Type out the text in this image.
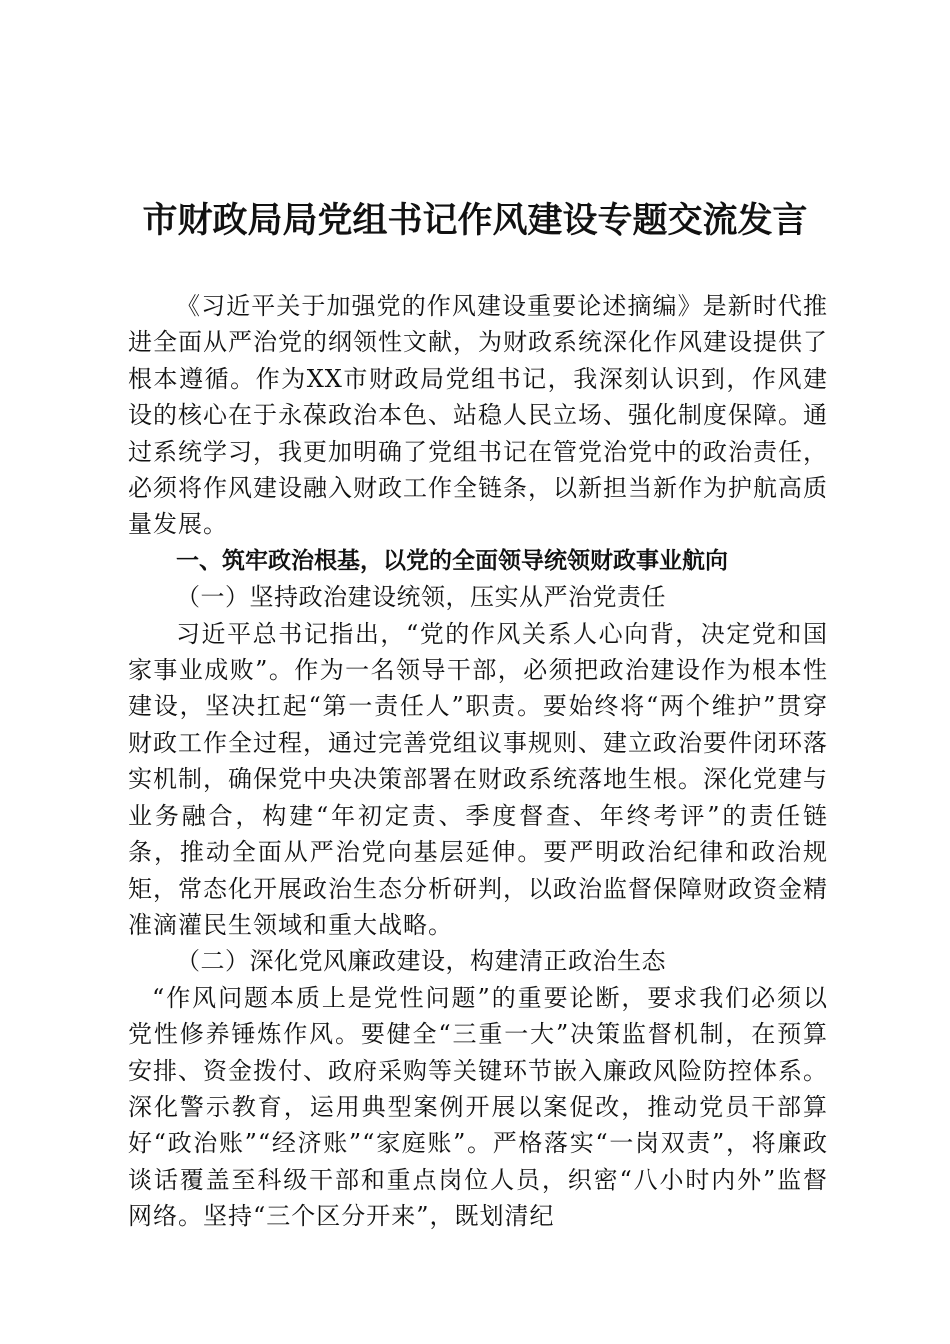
市财政局局党组书记作风建设专题交流发言

《习近平关于加强党的作风建设重要论述摘编》是新时代推进全面从严治党的纲领性文献，为财政系统深化作风建设提供了根本遵循。作为XX市财政局党组书记，我深刻认识到，作风建设的核心在于永葆政治本色、站稳人民立场、强化制度保障。通过系统学习，我更加明确了党组书记在管党治党中的政治责任，必须将作风建设融入财政工作全链条，以新担当新作为护航高质量发展。

一、筑牢政治根基，以党的全面领导统领财政事业航向

（一）坚持政治建设统领，压实从严治党责任

习近平总书记指出，“党的作风关系人心向背，决定党和国家事业成败”。作为一名领导干部，必须把政治建设作为根本性建设，坚决扛起“第一责任人”职责。要始终将“两个维护”贯穿财政工作全过程，通过完善党组议事规则、建立政治要件闭环落实机制，确保党中央决策部署在财政系统落地生根。深化党建与业务融合，构建“年初定责、季度督查、年终考评”的责任链条，推动全面从严治党向基层延伸。要严明政治纪律和政治规矩，常态化开展政治生态分析研判，以政治监督保障财政资金精准滴灌民生领域和重大战略。

（二）深化党风廉政建设，构建清正政治生态

“作风问题本质上是党性问题”的重要论断，要求我们必须以党性修养锤炼作风。要健全“三重一大”决策监督机制，在预算安排、资金拨付、政府采购等关键环节嵌入廉政风险防控体系。深化警示教育，运用典型案例开展以案促改，推动党员干部算好“政治账”“经济账”“家庭账”。严格落实“一岗双责”，将廉政谈话覆盖至科级干部和重点岗位人员，织密“八小时内外”监督网络。坚持“三个区分开来”，既划清纪
